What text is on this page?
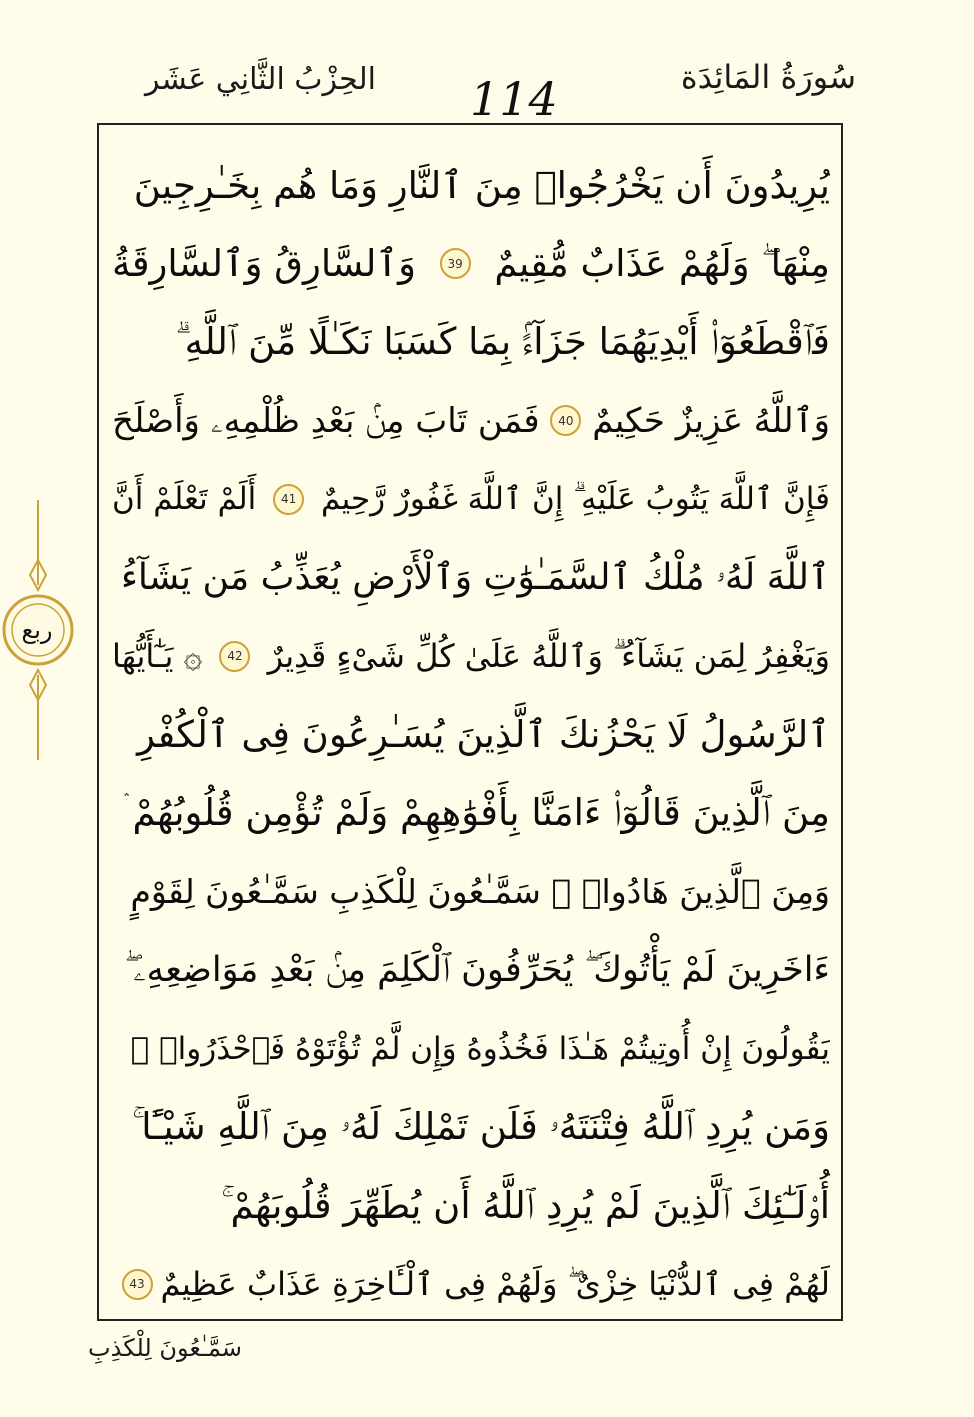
سُورَةُ المَائِدَة
114
الحِزْبُ الثَّانِي عَشَر
يُرِيدُونَ أَن يَخْرُجُوا۟ مِنَ ٱلنَّارِ وَمَا هُم بِخَـٰرِجِينَ
مِنْهَا ۖ وَلَهُمْ عَذَابٌ مُّقِيمٌ
39
وَٱلسَّارِقُ وَٱلسَّارِقَةُ
فَٱقْطَعُوٓا۟ أَيْدِيَهُمَا جَزَآءًۢ بِمَا كَسَبَا نَكَـٰلًا مِّنَ ٱللَّهِ ۗ
وَٱللَّهُ عَزِيزٌ حَكِيمٌ
40
فَمَن تَابَ مِنۢ بَعْدِ ظُلْمِهِۦ وَأَصْلَحَ
فَإِنَّ ٱللَّهَ يَتُوبُ عَلَيْهِ ۗ إِنَّ ٱللَّهَ غَفُورٌ رَّحِيمٌ
41
أَلَمْ تَعْلَمْ أَنَّ
ٱللَّهَ لَهُۥ مُلْكُ ٱلسَّمَـٰوَٰتِ وَٱلْأَرْضِ يُعَذِّبُ مَن يَشَآءُ
وَيَغْفِرُ لِمَن يَشَآءُ ۗ وَٱللَّهُ عَلَىٰ كُلِّ شَىْءٍ قَدِيرٌ
42
۞ يَـٰٓأَيُّهَا
ٱلرَّسُولُ لَا يَحْزُنكَ ٱلَّذِينَ يُسَـٰرِعُونَ فِى ٱلْكُفْرِ
مِنَ ٱلَّذِينَ قَالُوٓا۟ ءَامَنَّا بِأَفْوَٰهِهِمْ وَلَمْ تُؤْمِن قُلُوبُهُمْ ۛ
وَمِنَ ٱلَّذِينَ هَادُوا۟ ۛ سَمَّـٰعُونَ لِلْكَذِبِ سَمَّـٰعُونَ لِقَوْمٍ
ءَاخَرِينَ لَمْ يَأْتُوكَ ۖ يُحَرِّفُونَ ٱلْكَلِمَ مِنۢ بَعْدِ مَوَاضِعِهِۦ ۖ
يَقُولُونَ إِنْ أُوتِيتُمْ هَـٰذَا فَخُذُوهُ وَإِن لَّمْ تُؤْتَوْهُ فَٱحْذَرُوا۟ ۚ
وَمَن يُرِدِ ٱللَّهُ فِتْنَتَهُۥ فَلَن تَمْلِكَ لَهُۥ مِنَ ٱللَّهِ شَيْـًٔا ۚ
أُو۟لَـٰٓئِكَ ٱلَّذِينَ لَمْ يُرِدِ ٱللَّهُ أَن يُطَهِّرَ قُلُوبَهُمْ ۚ
لَهُمْ فِى ٱلدُّنْيَا خِزْىٌ ۖ وَلَهُمْ فِى ٱلْـَٔاخِرَةِ عَذَابٌ عَظِيمٌ
43
ربع
سَمَّـٰعُونَ لِلْكَذِبِ
